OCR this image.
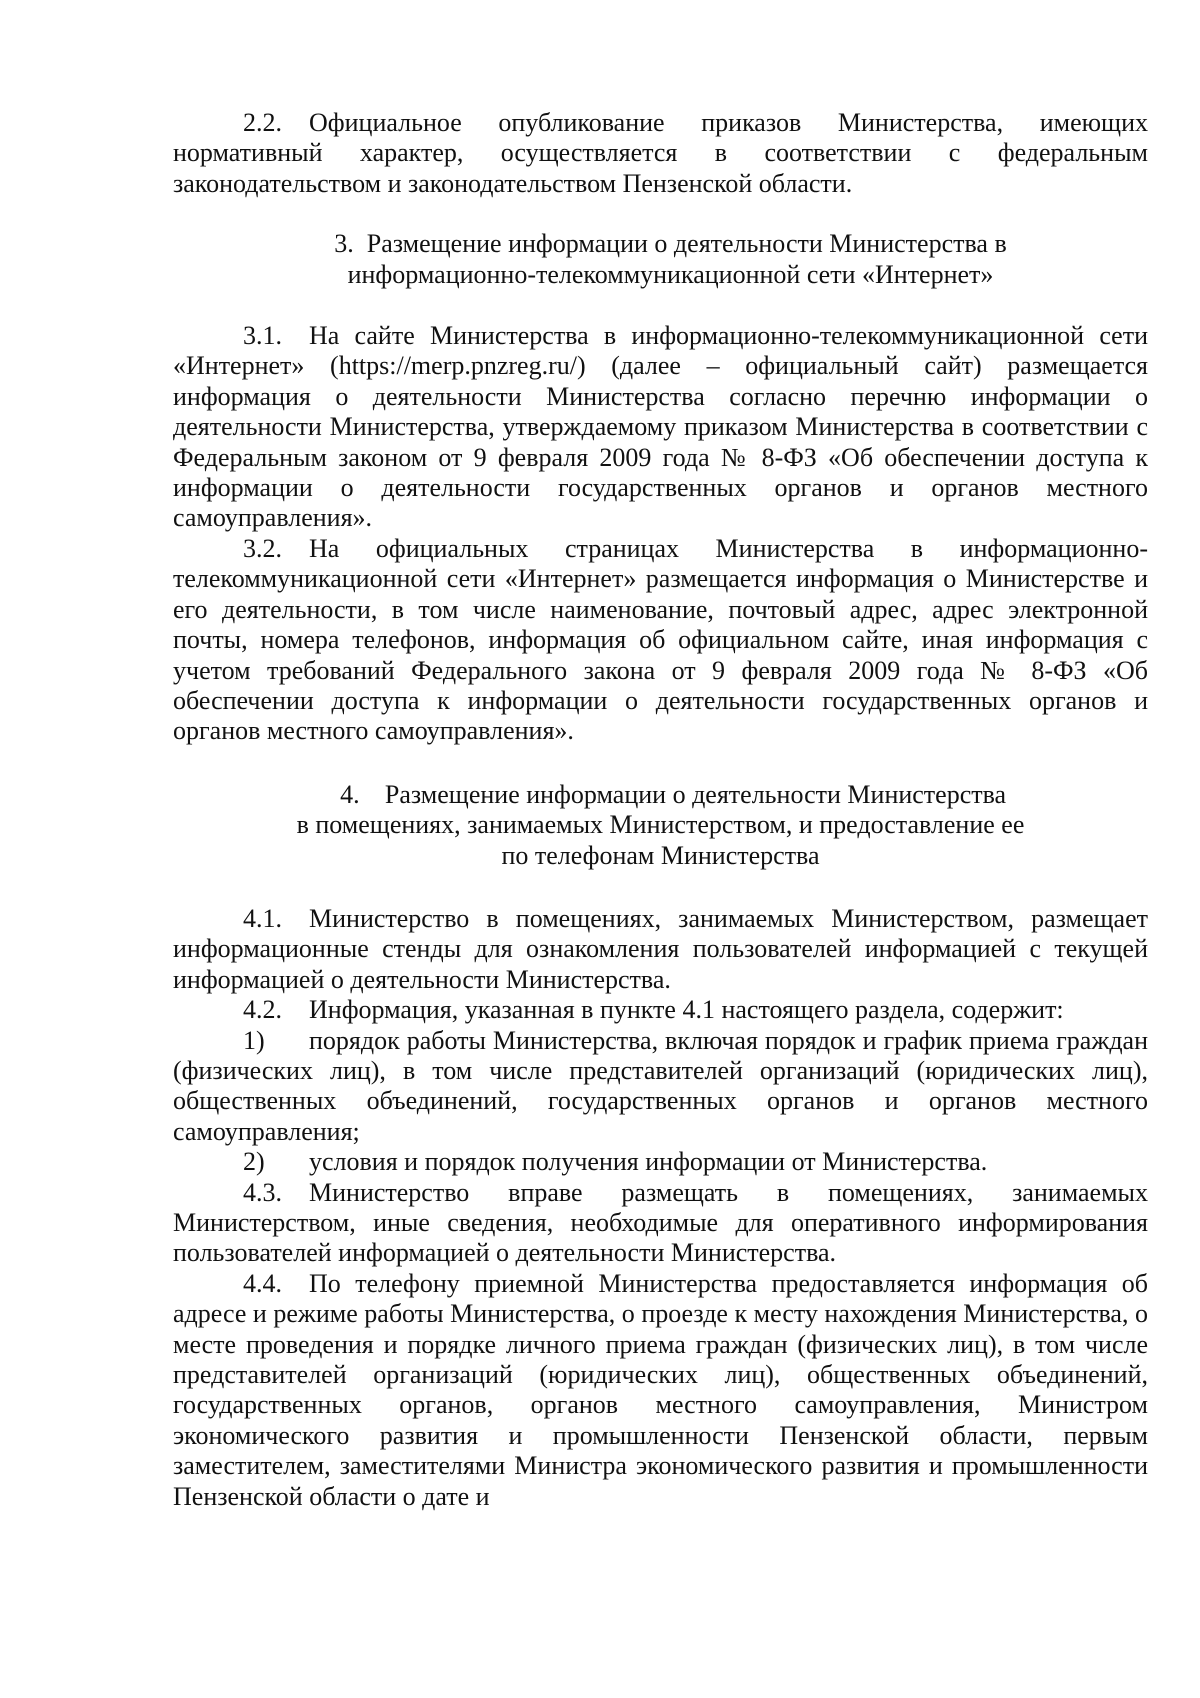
2.2. Официальное опубликование приказов Министерства, имеющих нормативный характер, осуществляется в соответствии с федеральным законодательством и законодательством Пензенской области.

3. Размещение информации о деятельности Министерства в
информационно-телекоммуникационной сети «Интернет»

3.1. На сайте Министерства в информационно-телекоммуникационной сети «Интернет» (https://merp.pnzreg.ru/) (далее – официальный сайт) размещается информация о деятельности Министерства согласно перечню информации о деятельности Министерства, утверждаемому приказом Министерства в соответствии с Федеральным законом от 9 февраля 2009 года № 8-ФЗ «Об обеспечении доступа к информации о деятельности государственных органов и органов местного самоуправления».

3.2. На официальных страницах Министерства в информационно-телекоммуникационной сети «Интернет» размещается информация о Министерстве и его деятельности, в том числе наименование, почтовый адрес, адрес электронной почты, номера телефонов, информация об официальном сайте, иная информация с учетом требований Федерального закона от 9 февраля 2009 года № 8-ФЗ «Об обеспечении доступа к информации о деятельности государственных органов и органов местного самоуправления».

4. Размещение информации о деятельности Министерства
в помещениях, занимаемых Министерством, и предоставление ее
по телефонам Министерства

4.1. Министерство в помещениях, занимаемых Министерством, размещает информационные стенды для ознакомления пользователей информацией с текущей информацией о деятельности Министерства.

4.2. Информация, указанная в пункте 4.1 настоящего раздела, содержит:

1) порядок работы Министерства, включая порядок и график приема граждан (физических лиц), в том числе представителей организаций (юридических лиц), общественных объединений, государственных органов и органов местного самоуправления;

2) условия и порядок получения информации от Министерства.

4.3. Министерство вправе размещать в помещениях, занимаемых Министерством, иные сведения, необходимые для оперативного информирования пользователей информацией о деятельности Министерства.

4.4. По телефону приемной Министерства предоставляется информация об адресе и режиме работы Министерства, о проезде к месту нахождения Министерства, о месте проведения и порядке личного приема граждан (физических лиц), в том числе представителей организаций (юридических лиц), общественных объединений, государственных органов, органов местного самоуправления, Министром экономического развития и промышленности Пензенской области, первым заместителем, заместителями Министра экономического развития и промышленности Пензенской области о дате и
